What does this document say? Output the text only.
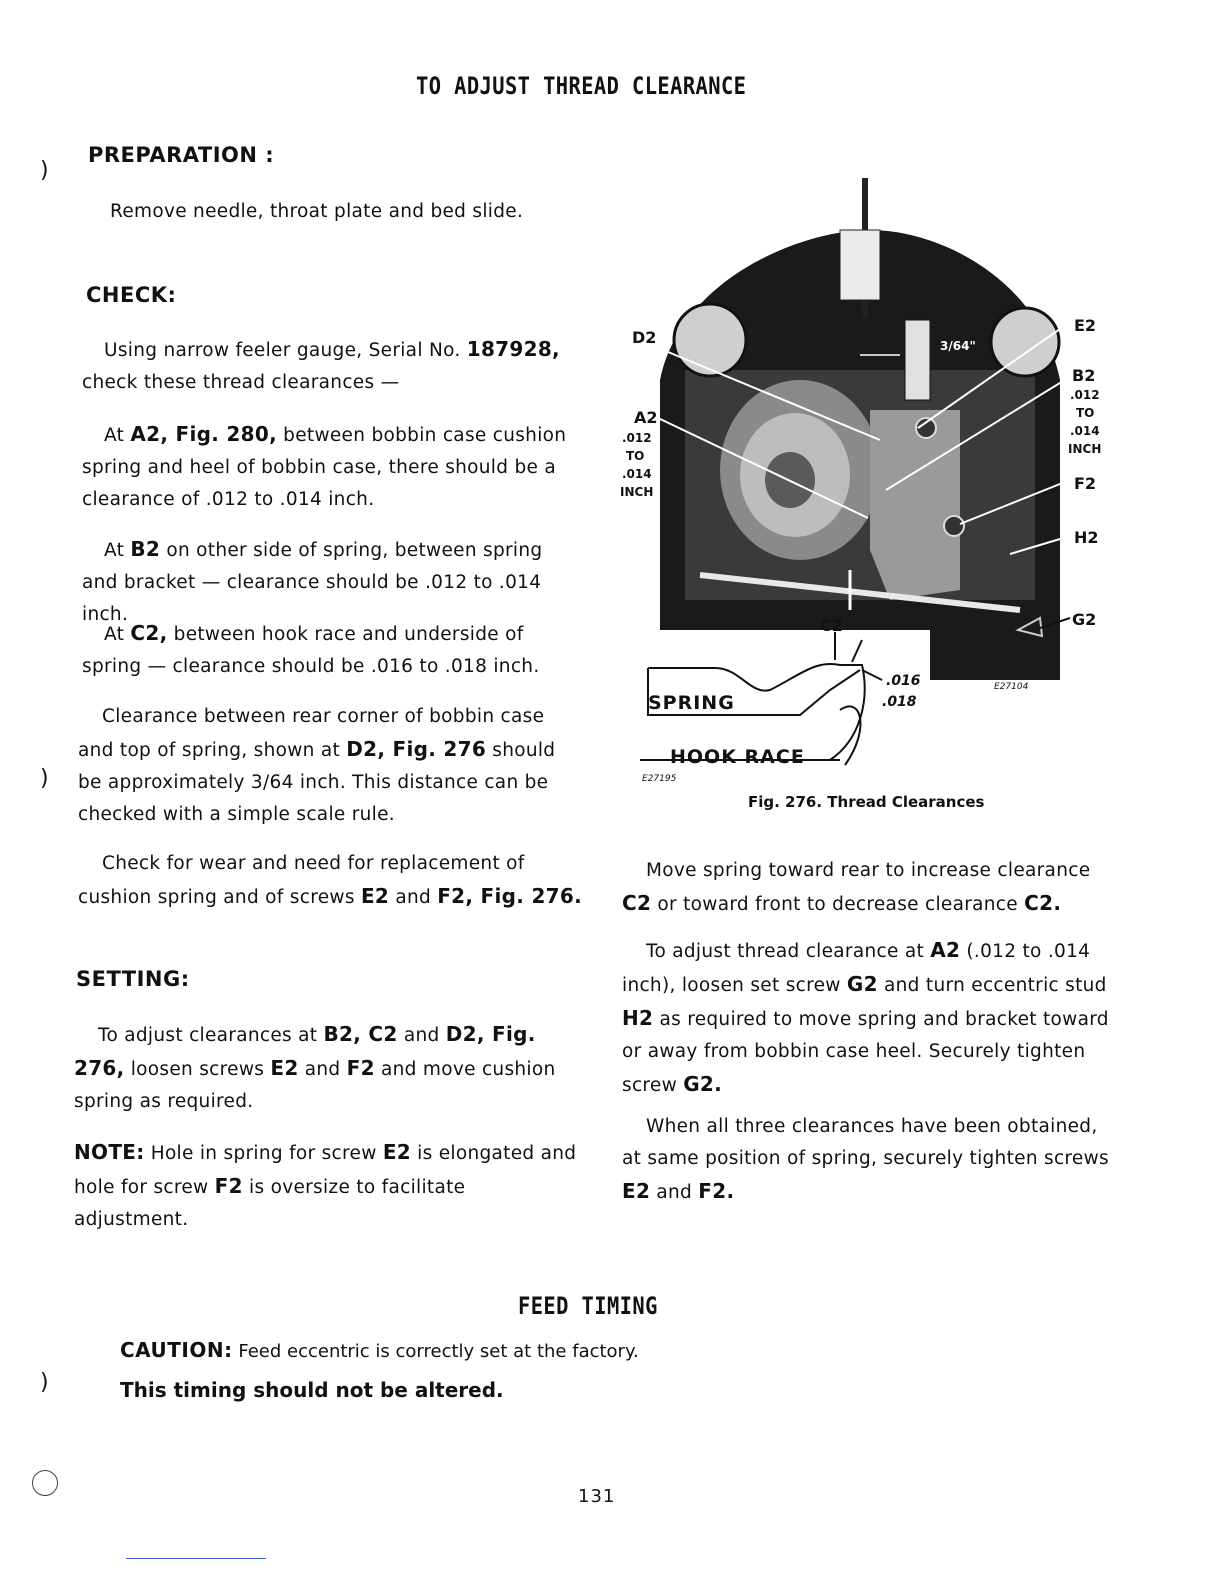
TO ADJUST THREAD CLEARANCE
)
)
)
PREPARATION :
Remove needle, throat plate and bed slide.
CHECK:
Using narrow feeler gauge, Serial No. 187928, check these thread clearances —
At A2, Fig. 280, between bobbin case cushion spring and heel of bobbin case, there should be a clearance of .012 to .014 inch.
At B2 on other side of spring, between spring and bracket — clearance should be .012 to .014 inch.
At C2, between hook race and underside of spring — clearance should be .016 to .018 inch.
Clearance between rear corner of bobbin case and top of spring, shown at D2, Fig. 276 should be approximately 3/64 inch. This distance can be checked with a simple scale rule.
Check for wear and need for replacement of cushion spring and of screws E2 and F2, Fig. 276.
SETTING:
To adjust clearances at B2, C2 and D2, Fig. 276, loosen screws E2 and F2 and move cushion spring as required.
NOTE: Hole in spring for screw E2 is elongated and hole for screw F2 is oversize to facilitate adjustment.
Move spring toward rear to increase clearance C2 or toward front to decrease clearance C2.
To adjust thread clearance at A2 (.012 to .014 inch), loosen set screw G2 and turn eccentric stud H2 as required to move spring and bracket toward or away from bobbin case heel. Securely tighten screw G2.
When all three clearances have been obtained, at same position of spring, securely tighten screws E2 and F2.
D2
E2
B2
.012
TO
.014
INCH
A2
.012
TO
.014
INCH	F2
H2
G2
C2
3/64"
SPRING
HOOK RACE
.016
.018
E27104
E27195
Fig. 276. Thread Clearances
FEED TIMING
CAUTION: Feed eccentric is correctly set at the factory.
This timing should not be altered.
131
